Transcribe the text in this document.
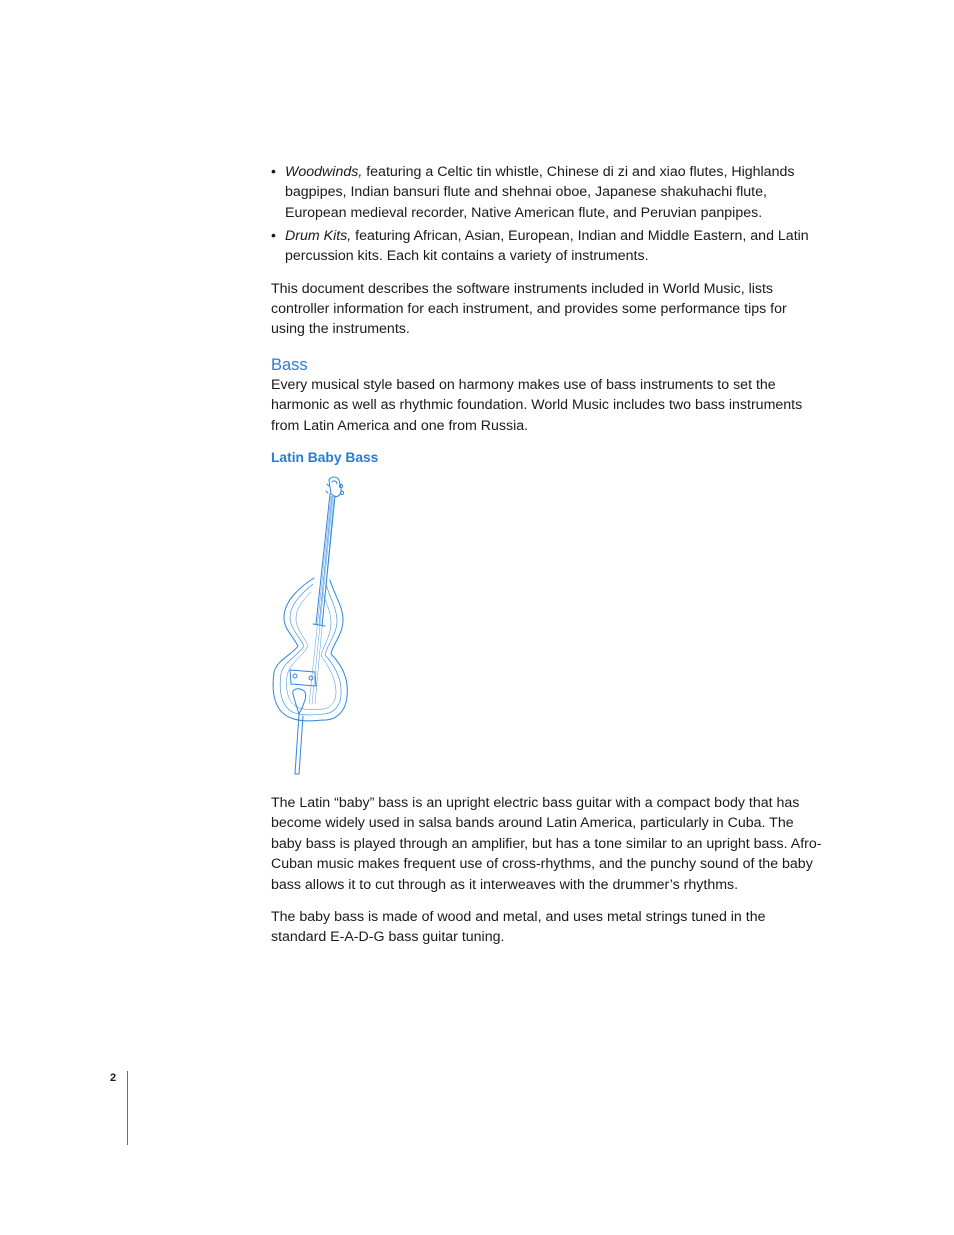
• Woodwinds, featuring a Celtic tin whistle, Chinese di zi and xiao flutes, Highlands bagpipes, Indian bansuri flute and shehnai oboe, Japanese shakuhachi flute, European medieval recorder, Native American flute, and Peruvian panpipes.
• Drum Kits, featuring African, Asian, European, Indian and Middle Eastern, and Latin percussion kits. Each kit contains a variety of instruments.

This document describes the software instruments included in World Music, lists controller information for each instrument, and provides some performance tips for using the instruments.

Bass

Every musical style based on harmony makes use of bass instruments to set the harmonic as well as rhythmic foundation. World Music includes two bass instruments from Latin America and one from Russia.

Latin Baby Bass

The Latin “baby” bass is an upright electric bass guitar with a compact body that has become widely used in salsa bands around Latin America, particularly in Cuba. The baby bass is played through an amplifier, but has a tone similar to an upright bass. Afro-Cuban music makes frequent use of cross-rhythms, and the punchy sound of the baby bass allows it to cut through as it interweaves with the drummer’s rhythms.

The baby bass is made of wood and metal, and uses metal strings tuned in the standard E-A-D-G bass guitar tuning.

2
